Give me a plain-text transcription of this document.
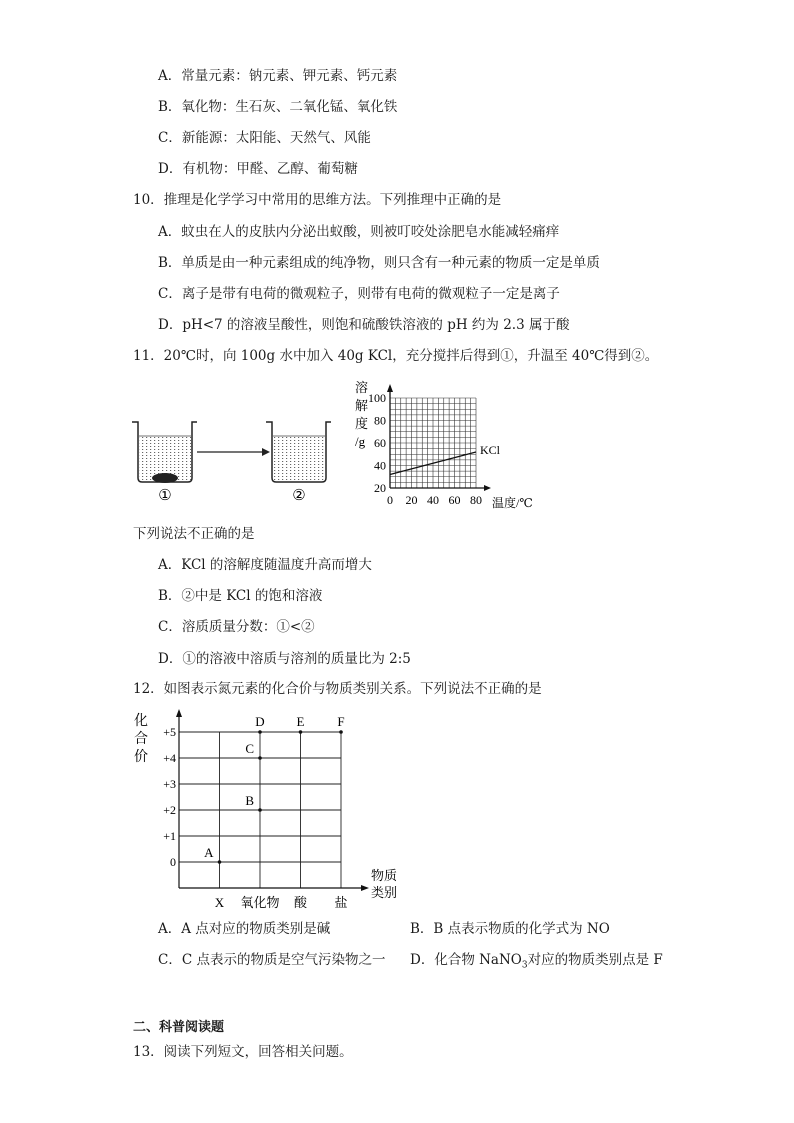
A．常量元素：钠元素、钾元素、钙元素
B．氧化物：生石灰、二氧化锰、氧化铁
C．新能源：太阳能、天然气、风能
D．有机物：甲醛、乙醇、葡萄糖
10．推理是化学学习中常用的思维方法。下列推理中正确的是
A．蚊虫在人的皮肤内分泌出蚁酸，则被叮咬处涂肥皂水能减轻痛痒
B．单质是由一种元素组成的纯净物，则只含有一种元素的物质一定是单质
C．离子是带有电荷的微观粒子，则带有电荷的微观粒子一定是离子
D．pH<7 的溶液呈酸性，则饱和硫酸铁溶液的 pH 约为 2.3 属于酸
11．20℃时，向 100g 水中加入 40g KCl，充分搅拌后得到①，升温至 40℃得到②。
①	②
溶
解
度
/g
20
40
60
80
100
0 20 40 60 80
KCl
温度/℃
下列说法不正确的是
A．KCl 的溶解度随温度升高而增大
B．②中是 KCl 的饱和溶液
C．溶质质量分数：①<②
D．①的溶液中溶质与溶剂的质量比为 2:5
12．如图表示氮元素的化合价与物质类别关系。下列说法不正确的是
化
合
价
+5
+4
+3
+2
+1
0
X 氧化物 酸 盐
A
B
C
D E	F
物质
类别
A．A 点对应的物质类别是碱	B．B 点表示物质的化学式为 NO
C．C 点表示的物质是空气污染物之一 D．化合物 NaNO$_3$对应的物质类别点是 F
二、科普阅读题
13．阅读下列短文，回答相关问题。
